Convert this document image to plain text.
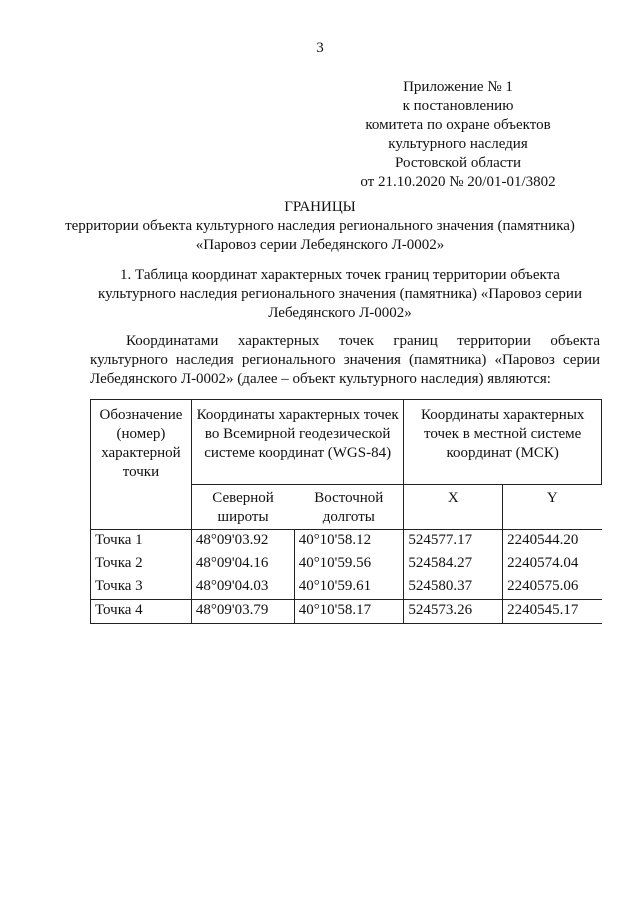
3
Приложение № 1
к постановлению
комитета по охране объектов
культурного наследия
Ростовской области
от 21.10.2020 № 20/01-01/3802
ГРАНИЦЫ
территории объекта культурного наследия регионального значения (памятника)
«Паровоз серии Лебедянского Л-0002»
1. Таблица координат характерных точек границ территории объекта
культурного наследия регионального значения (памятника) «Паровоз серии
Лебедянского Л-0002»
Координатами характерных точек границ территории объекта культурного наследия регионального значения (памятника) «Паровоз серии Лебедянского Л-0002» (далее – объект культурного наследия) являются:
Обозначение (номер) характерной точки	Координаты характерных точек во Всемирной геодезической системе координат (WGS-84)		Координаты характерных точек в местной системе координат (МСК)	
	Северной широты	Восточной долготы	X	Y
Точка 1	48°09'03.92	40°10'58.12	524577.17	2240544.20
Точка 2	48°09'04.16	40°10'59.56	524584.27	2240574.04
Точка 3	48°09'04.03	40°10'59.61	524580.37	2240575.06
Точка 4	48°09'03.79	40°10'58.17	524573.26	2240545.17
